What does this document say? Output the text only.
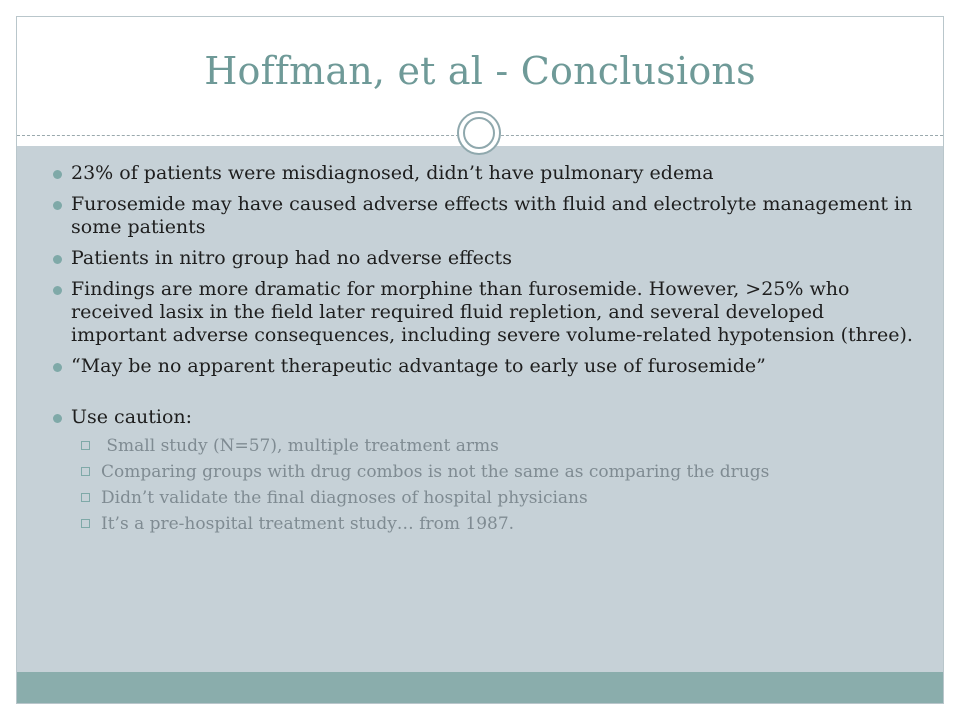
Hoffman, et al - Conclusions
23% of patients were misdiagnosed, didn’t have pulmonary edema
Furosemide may have caused adverse effects with fluid and electrolyte management in some patients
Patients in nitro group had no adverse effects
Findings are more dramatic for morphine than furosemide. However, >25% who received lasix in the field later required fluid repletion, and several developed important adverse consequences, including severe volume-related hypotension (three).
“May be no apparent therapeutic advantage to early use of furosemide”
Use caution:
Small study (N=57), multiple treatment arms
Comparing groups with drug combos is not the same as comparing the drugs
Didn’t validate the final diagnoses of hospital physicians
It’s a pre-hospital treatment study… from 1987.
